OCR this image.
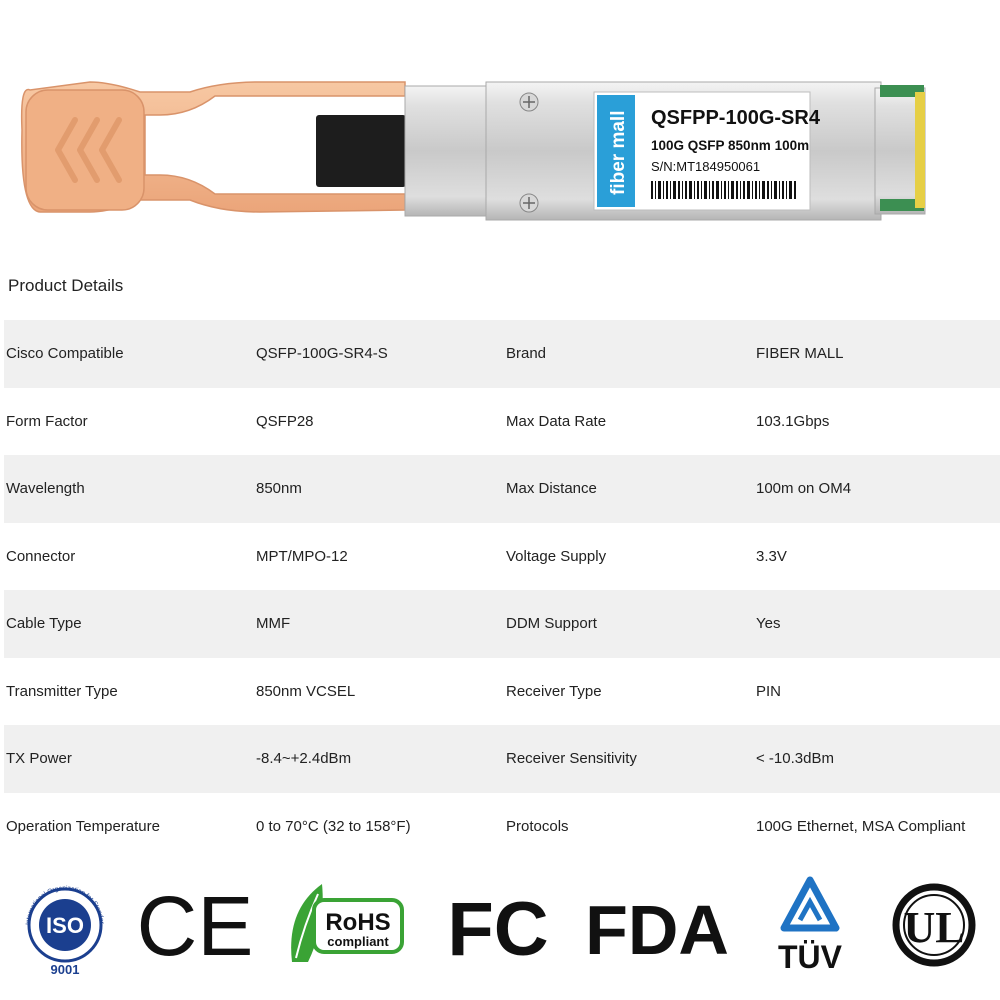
fiber mall QSFPP-100G-SR4
100G QSFP 850nm 100m
S/N:MT184950061
Product Details
Cisco Compatible	QSFP-100G-SR4-S	Brand	FIBER MALL
Form Factor	QSFP28	Max Data Rate	103.1Gbps
Wavelength	850nm	Max Distance	100m on OM4
Connector	MPT/MPO-12	Voltage Supply	3.3V
Cable Type	MMF	DDM Support	Yes
Transmitter Type	850nm VCSEL	Receiver Type	PIN
TX Power	-8.4~+2.4dBm	Receiver Sensitivity	< -10.3dBm
Operation Temperature	0 to 70°C (32 to 158°F)	Protocols	100G Ethernet, MSA Compliant
International Organization for Standar
ISO
9001 CE	RoHS
compliant FC FDA TÜV
UL
